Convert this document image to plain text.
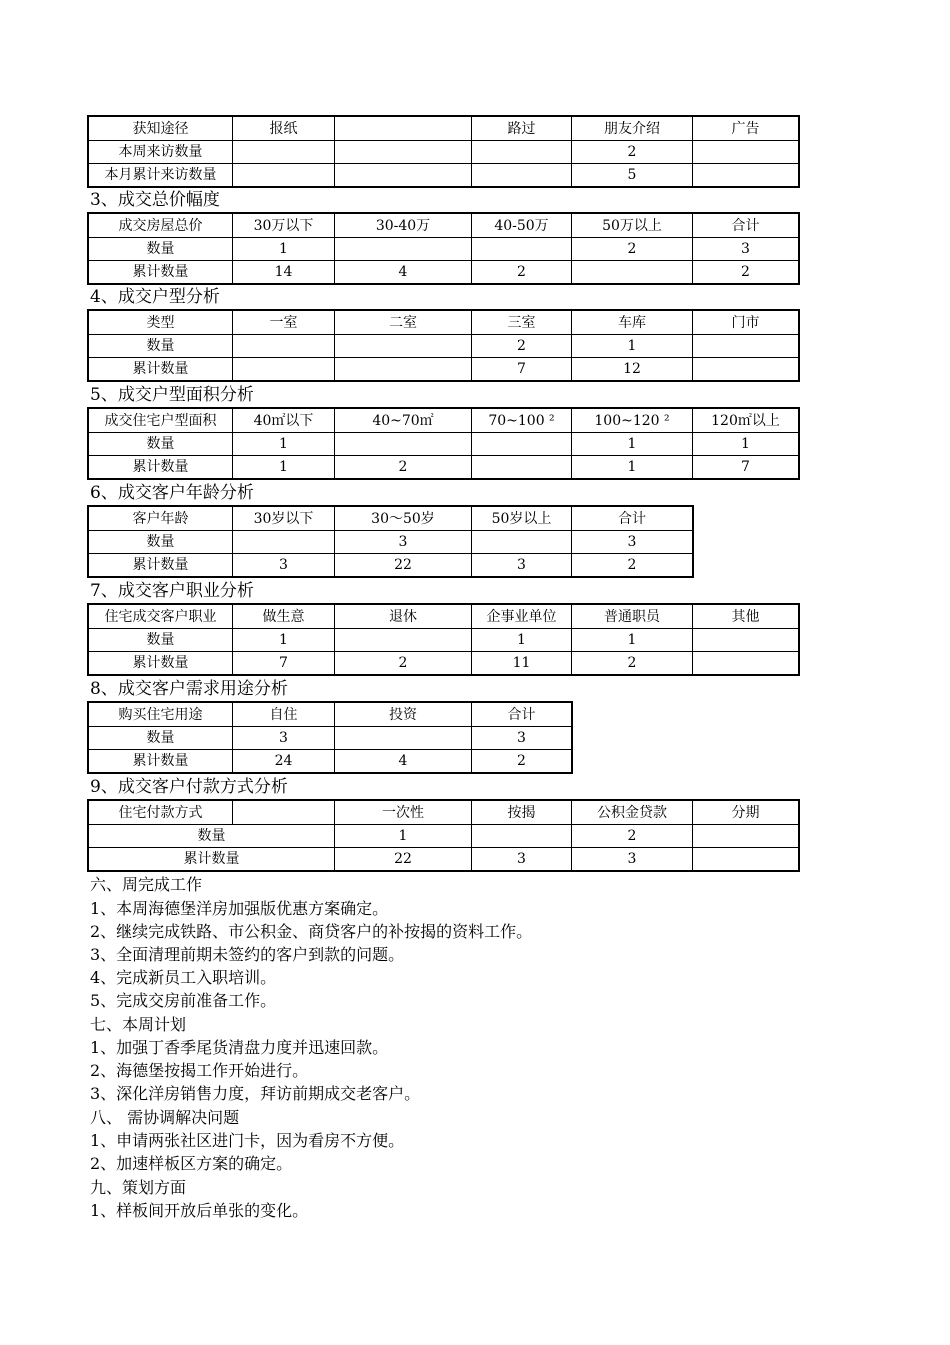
获知途径	报纸		路过	朋友介绍	广告
本周来访数量				2	
本月累计来访数量				5	
3、成交总价幅度
成交房屋总价	30万以下	30-40万	40-50万	50万以上	合计
数量	1			2	3
累计数量	14	4	2		2
4、成交户型分析
类型	一室	二室	三室	车库	门市
数量			2	1	
累计数量			7	12	
5、成交户型面积分析
成交住宅户型面积	40㎡以下	40~70㎡	70~100 ²	100~120 ²	120㎡以上
数量	1			1	1
累计数量	1	2		1	7
6、成交客户年龄分析
客户年龄	30岁以下	30～50岁	50岁以上	合计
数量		3		3
累计数量	3	22	3	2
7、成交客户职业分析
住宅成交客户职业	做生意	退休	企事业单位	普通职员	其他
数量	1		1	1	
累计数量	7	2	11	2	
8、成交客户需求用途分析
购买住宅用途	自住	投资	合计
数量	3		3
累计数量	24	4	2
9、成交客户付款方式分析
住宅付款方式		一次性	按揭	公积金贷款	分期
数量		1		2	
累计数量		22	3	3	
六、周完成工作
1、本周海德堡洋房加强版优惠方案确定。
2、继续完成铁路、市公积金、商贷客户的补按揭的资料工作。
3、全面清理前期未签约的客户到款的问题。
4、完成新员工入职培训。
5、完成交房前准备工作。
七、本周计划
1、加强丁香季尾货清盘力度并迅速回款。
2、海德堡按揭工作开始进行。
3、深化洋房销售力度，拜访前期成交老客户。
八、 需协调解决问题
1、申请两张社区进门卡，因为看房不方便。
2、加速样板区方案的确定。
九、策划方面
1、样板间开放后单张的变化。
